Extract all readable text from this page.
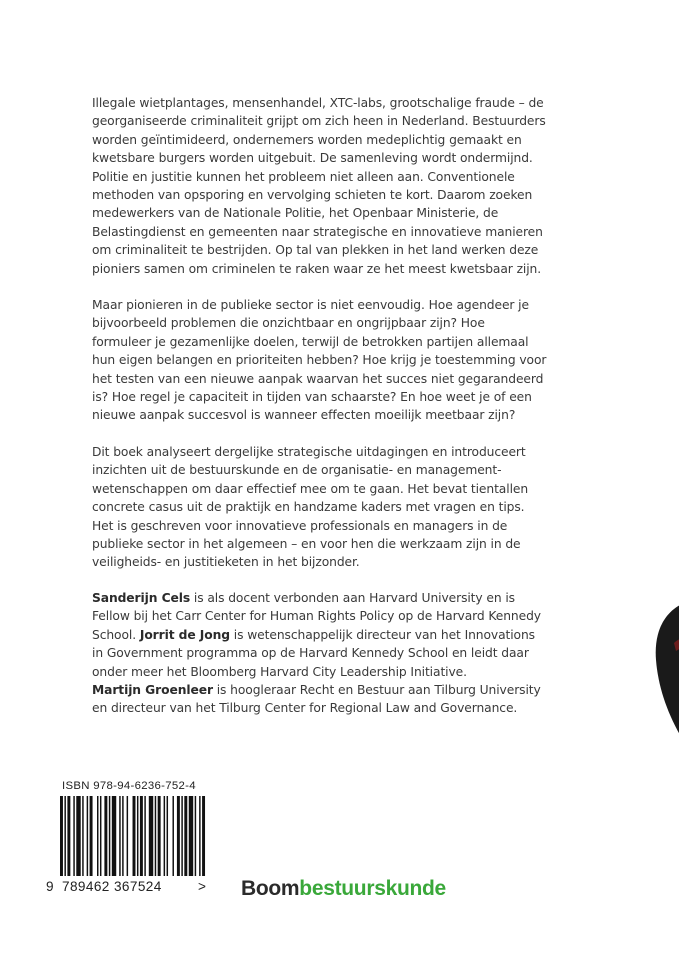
Illegale wietplantages, mensenhandel, XTC-labs, grootschalige fraude – de georganiseerde criminaliteit grijpt om zich heen in Nederland. Bestuurders worden geïntimideerd, ondernemers worden medeplichtig gemaakt en kwetsbare burgers worden uitgebuit. De samenleving wordt ondermijnd. Politie en justitie kunnen het probleem niet alleen aan. Conventionele methoden van opsporing en vervolging schieten te kort. Daarom zoeken medewerkers van de Nationale Politie, het Openbaar Ministerie, de Belastingdienst en gemeenten naar strategische en innovatieve manieren om criminaliteit te bestrijden. Op tal van plekken in het land werken deze pioniers samen om criminelen te raken waar ze het meest kwetsbaar zijn.

Maar pionieren in de publieke sector is niet eenvoudig. Hoe agendeer je bijvoorbeeld problemen die onzichtbaar en ongrijpbaar zijn? Hoe formuleer je gezamenlijke doelen, terwijl de betrokken partijen allemaal hun eigen belangen en prioriteiten hebben? Hoe krijg je toestemming voor het testen van een nieuwe aanpak waarvan het succes niet gegarandeerd is? Hoe regel je capaciteit in tijden van schaarste? En hoe weet je of een nieuwe aanpak succesvol is wanneer effecten moeilijk meetbaar zijn?

Dit boek analyseert dergelijke strategische uitdagingen en introduceert inzichten uit de bestuurskunde en de organisatie- en management-wetenschappen om daar effectief mee om te gaan. Het bevat tientallen concrete casus uit de praktijk en handzame kaders met vragen en tips. Het is geschreven voor innovatieve professionals en managers in de publieke sector in het algemeen – en voor hen die werkzaam zijn in de veiligheids- en justitieketen in het bijzonder.

Sanderijn Cels is als docent verbonden aan Harvard University en is Fellow bij het Carr Center for Human Rights Policy op de Harvard Kennedy School. Jorrit de Jong is wetenschappelijk directeur van het Innovations in Government programma op de Harvard Kennedy School en leidt daar onder meer het Bloomberg Harvard City Leadership Initiative.
Martijn Groenleer is hoogleraar Recht en Bestuur aan Tilburg University en directeur van het Tilburg Center for Regional Law and Governance.

ISBN 978-94-6236-752-4
9 789462 367524	> Boombestuurskunde
